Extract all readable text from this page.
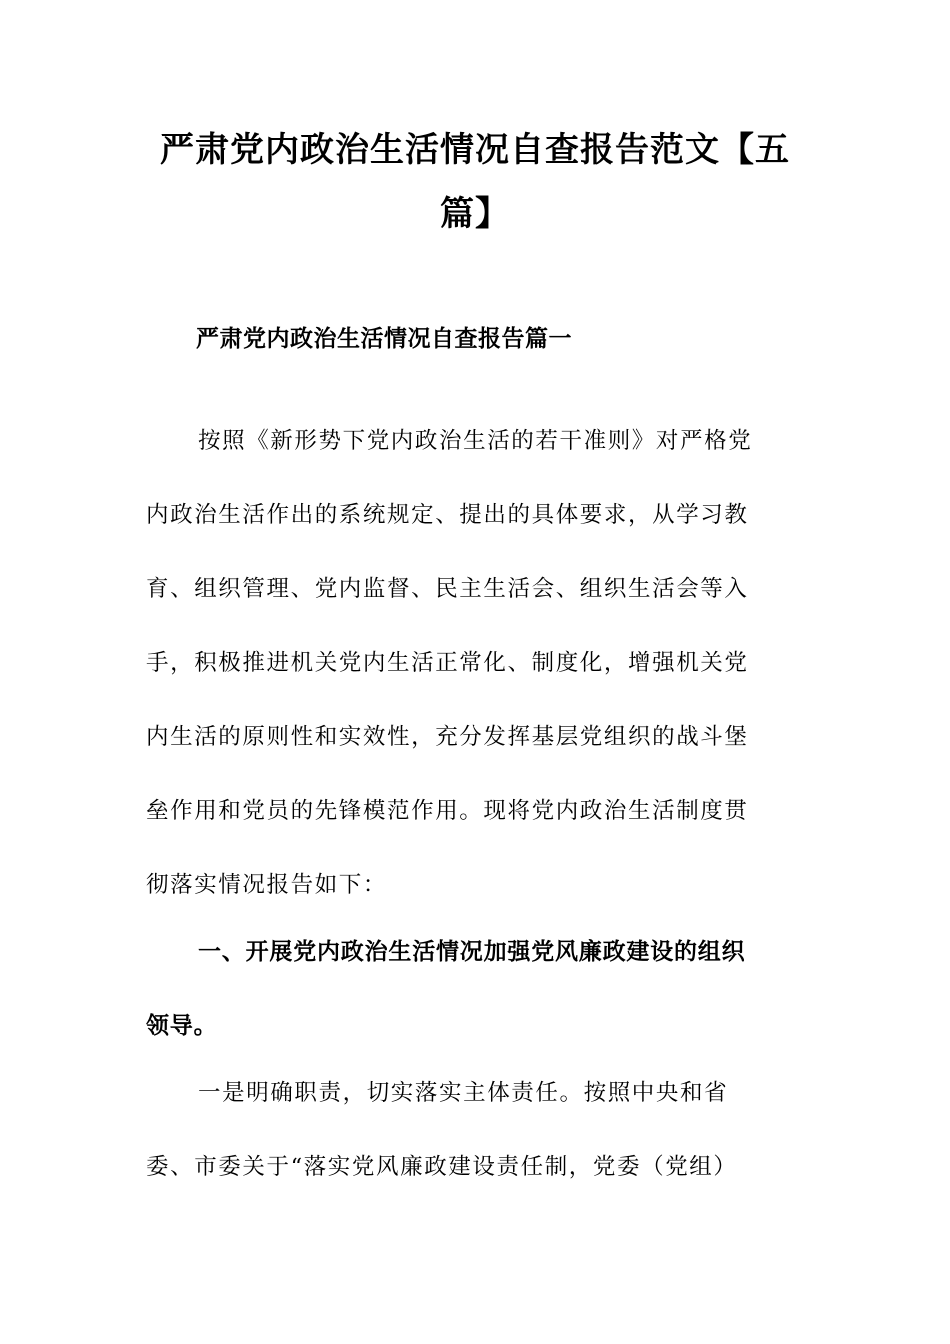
严肃党内政治生活情况自查报告范文【五
篇】
严肃党内政治生活情况自查报告篇一

按照《新形势下党内政治生活的若干准则》对严格党
内政治生活作出的系统规定、提出的具体要求，从学习教
育、组织管理、党内监督、民主生活会、组织生活会等入
手，积极推进机关党内生活正常化、制度化，增强机关党
内生活的原则性和实效性，充分发挥基层党组织的战斗堡
垒作用和党员的先锋模范作用。现将党内政治生活制度贯
彻落实情况报告如下：

一、开展党内政治生活情况加强党风廉政建设的组织
领导。

一是明确职责，切实落实主体责任。按照中央和省
委、市委关于“落实党风廉政建设责任制，党委（党组）
